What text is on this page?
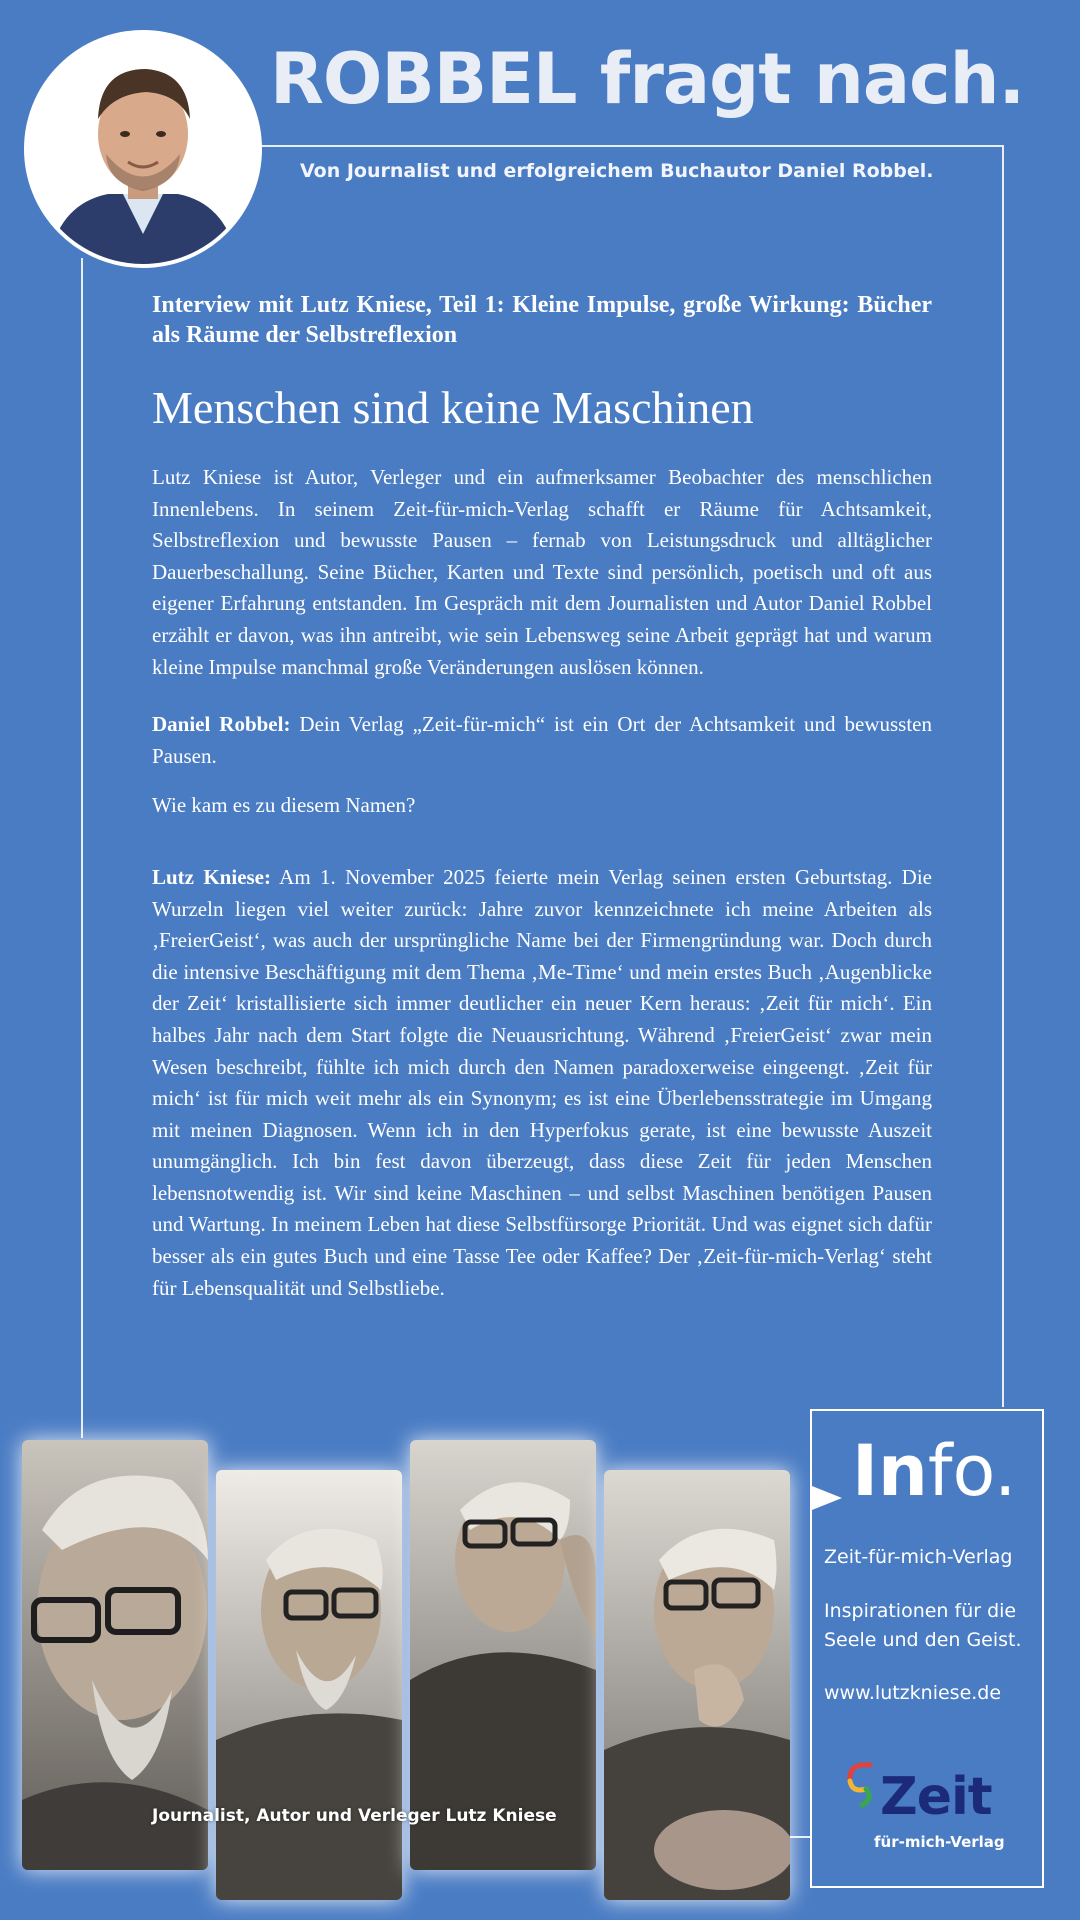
ROBBEL fragt nach.
Von Journalist und erfolgreichem Buchautor Daniel Robbel.

Interview mit Lutz Kniese, Teil 1: Kleine Impulse, große Wirkung: Bücher als Räume der Selbstreflexion

Menschen sind keine Maschinen

Lutz Kniese ist Autor, Verleger und ein aufmerksamer Beobachter des menschlichen Innenlebens. In seinem Zeit-für-mich-Verlag schafft er Räume für Achtsamkeit, Selbstreflexion und bewusste Pausen – fernab von Leistungsdruck und alltäglicher Dauerbeschallung. Seine Bücher, Karten und Texte sind persönlich, poetisch und oft aus eigener Erfahrung entstanden. Im Gespräch mit dem Journalisten und Autor Daniel Robbel erzählt er davon, was ihn antreibt, wie sein Lebensweg seine Arbeit geprägt hat und warum kleine Impulse manchmal große Veränderungen auslösen können.

Daniel Robbel: Dein Verlag „Zeit-für-mich“ ist ein Ort der Achtsamkeit und bewussten Pausen.

Wie kam es zu diesem Namen?

Lutz Kniese: Am 1. November 2025 feierte mein Verlag seinen ersten Geburtstag. Die Wurzeln liegen viel weiter zurück: Jahre zuvor kennzeichnete ich meine Arbeiten als ‚FreierGeist‘, was auch der ursprüngliche Name bei der Firmengründung war. Doch durch die intensive Beschäftigung mit dem Thema ‚Me-Time‘ und mein erstes Buch ‚Augenblicke der Zeit‘ kristallisierte sich immer deutlicher ein neuer Kern heraus: ‚Zeit für mich‘. Ein halbes Jahr nach dem Start folgte die Neuausrichtung. Während ‚FreierGeist‘ zwar mein Wesen beschreibt, fühlte ich mich durch den Namen paradoxerweise eingeengt. ‚Zeit für mich‘ ist für mich weit mehr als ein Synonym; es ist eine Überlebensstrategie im Umgang mit meinen Diagnosen. Wenn ich in den Hyperfokus gerate, ist eine bewusste Auszeit unumgänglich. Ich bin fest davon überzeugt, dass diese Zeit für jeden Menschen lebensnotwendig ist. Wir sind keine Maschinen – und selbst Maschinen benötigen Pausen und Wartung. In meinem Leben hat diese Selbstfürsorge Priorität. Und was eignet sich dafür besser als ein gutes Buch und eine Tasse Tee oder Kaffee? Der ‚Zeit-für-mich-Verlag‘ steht für Lebensqualität und Selbstliebe.

Journalist, Autor und Verleger Lutz Kniese
Info.
Zeit-für-mich-Verlag
Inspirationen für die Seele und den Geist.
www.lutzkniese.de
Zeit
für-mich-Verlag
